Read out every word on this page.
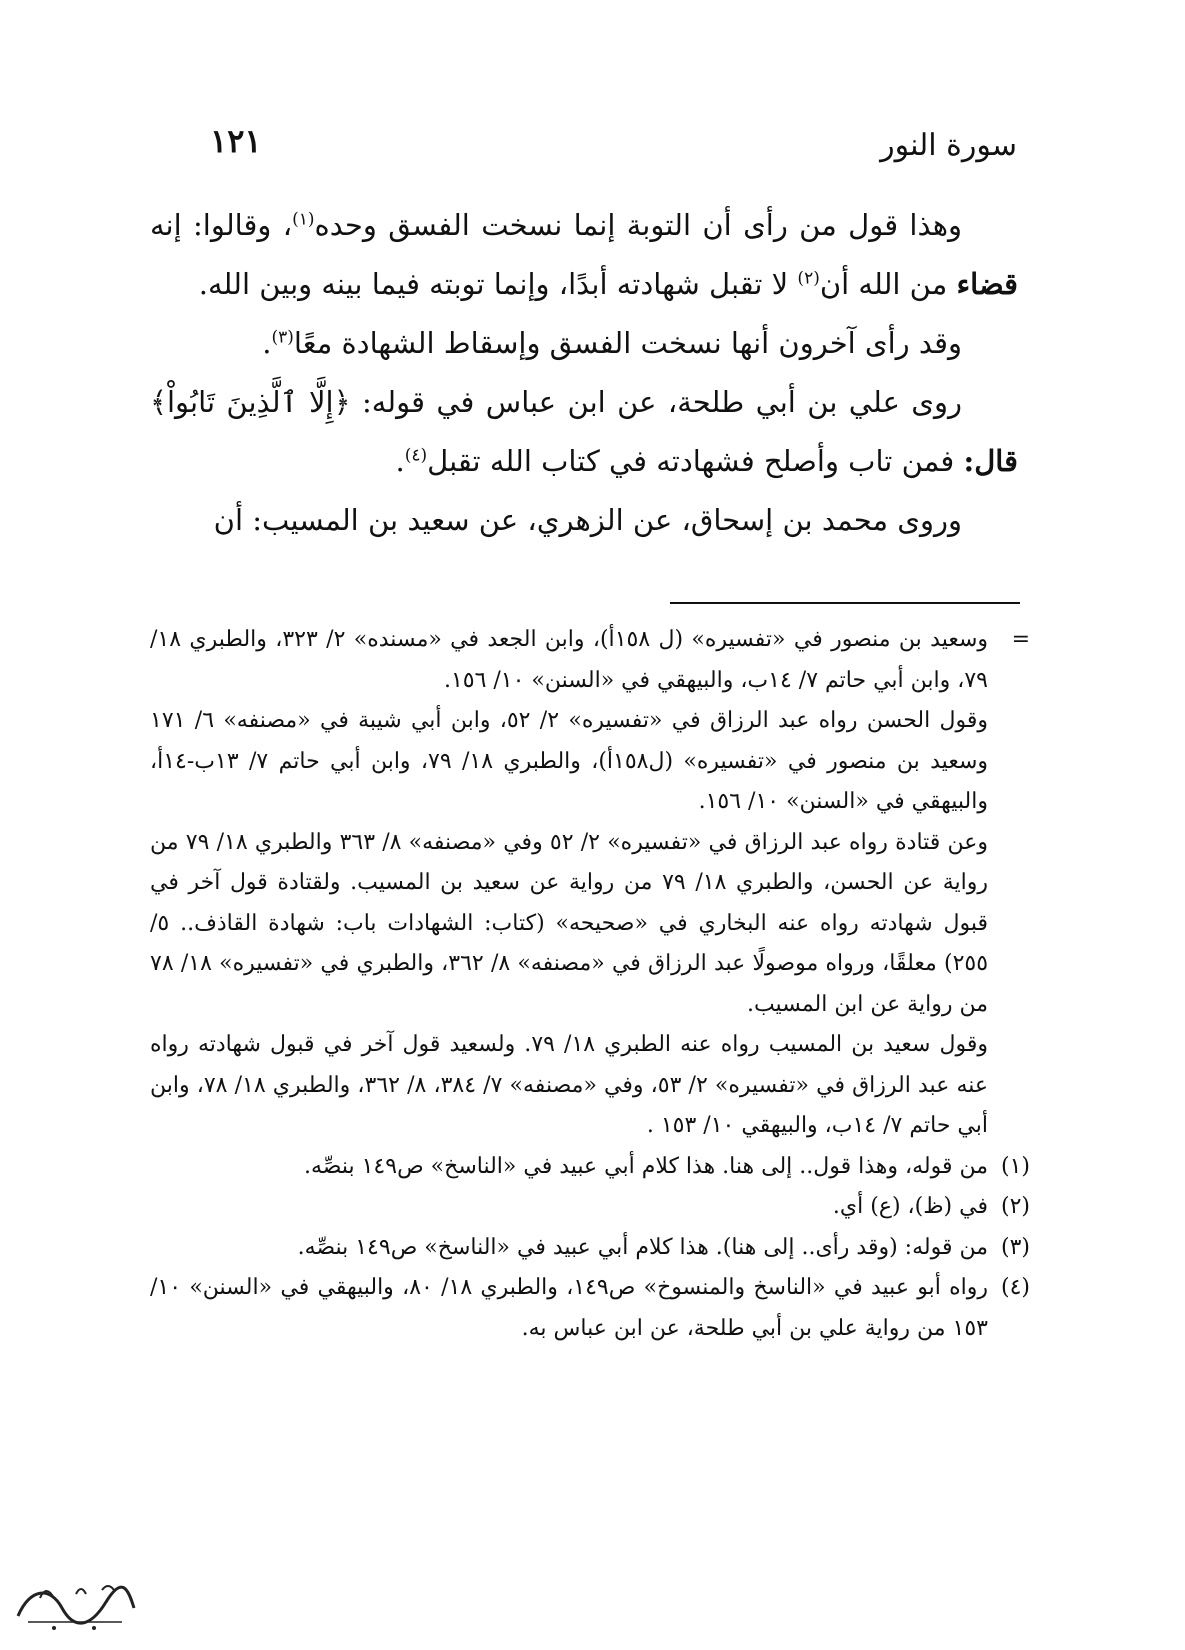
سورة النور
١٢١

وهذا قول من رأى أن التوبة إنما نسخت الفسق وحده$^{(١)}$، وقالوا: إنه قضاء من الله أن$^{(٢)}$ لا تقبل شهادته أبدًا، وإنما توبته فيما بينه وبين الله.

وقد رأى آخرون أنها نسخت الفسق وإسقاط الشهادة معًا$^{(٣)}$.

روى علي بن أبي طلحة، عن ابن عباس في قوله: ﴿إِلَّا ٱلَّذِينَ تَابُواْ﴾ قال: فمن تاب وأصلح فشهادته في كتاب الله تقبل$^{(٤)}$.

وروى محمد بن إسحاق، عن الزهري، عن سعيد بن المسيب: أن

=

وسعيد بن منصور في «تفسيره» (ل ١٥٨أ)، وابن الجعد في «مسنده» ٢/ ٣٢٣، والطبري ١٨/ ٧٩، وابن أبي حاتم ٧/ ١٤ب، والبيهقي في «السنن» ١٠/ ١٥٦.

وقول الحسن رواه عبد الرزاق في «تفسيره» ٢/ ٥٢، وابن أبي شيبة في «مصنفه» ٦/ ١٧١ وسعيد بن منصور في «تفسيره» (ل١٥٨أ)، والطبري ١٨/ ٧٩، وابن أبي حاتم ٧/ ١٣ب-١٤أ، والبيهقي في «السنن» ١٠/ ١٥٦.

وعن قتادة رواه عبد الرزاق في «تفسيره» ٢/ ٥٢ وفي «مصنفه» ٨/ ٣٦٣ والطبري ١٨/ ٧٩ من رواية عن الحسن، والطبري ١٨/ ٧٩ من رواية عن سعيد بن المسيب. ولقتادة قول آخر في قبول شهادته رواه عنه البخاري في «صحيحه» (كتاب: الشهادات باب: شهادة القاذف.. ٥/ ٢٥٥) معلقًا، ورواه موصولًا عبد الرزاق في «مصنفه» ٨/ ٣٦٢، والطبري في «تفسيره» ١٨/ ٧٨ من رواية عن ابن المسيب.

وقول سعيد بن المسيب رواه عنه الطبري ١٨/ ٧٩. ولسعيد قول آخر في قبول شهادته رواه عنه عبد الرزاق في «تفسيره» ٢/ ٥٣، وفي «مصنفه» ٧/ ٣٨٤، ٨/ ٣٦٢، والطبري ١٨/ ٧٨، وابن أبي حاتم ٧/ ١٤ب، والبيهقي ١٠/ ١٥٣ .

(١)
من قوله، وهذا قول.. إلى هنا. هذا كلام أبي عبيد في «الناسخ» ص١٤٩ بنصِّه.
(٢)
في (ظ)، (ع) أي.
(٣)
من قوله: (وقد رأى.. إلى هنا). هذا كلام أبي عبيد في «الناسخ» ص١٤٩ بنصِّه.
(٤)
رواه أبو عبيد في «الناسخ والمنسوخ» ص١٤٩، والطبري ١٨/ ٨٠، والبيهقي في «السنن» ١٠/ ١٥٣ من رواية علي بن أبي طلحة، عن ابن عباس به.
